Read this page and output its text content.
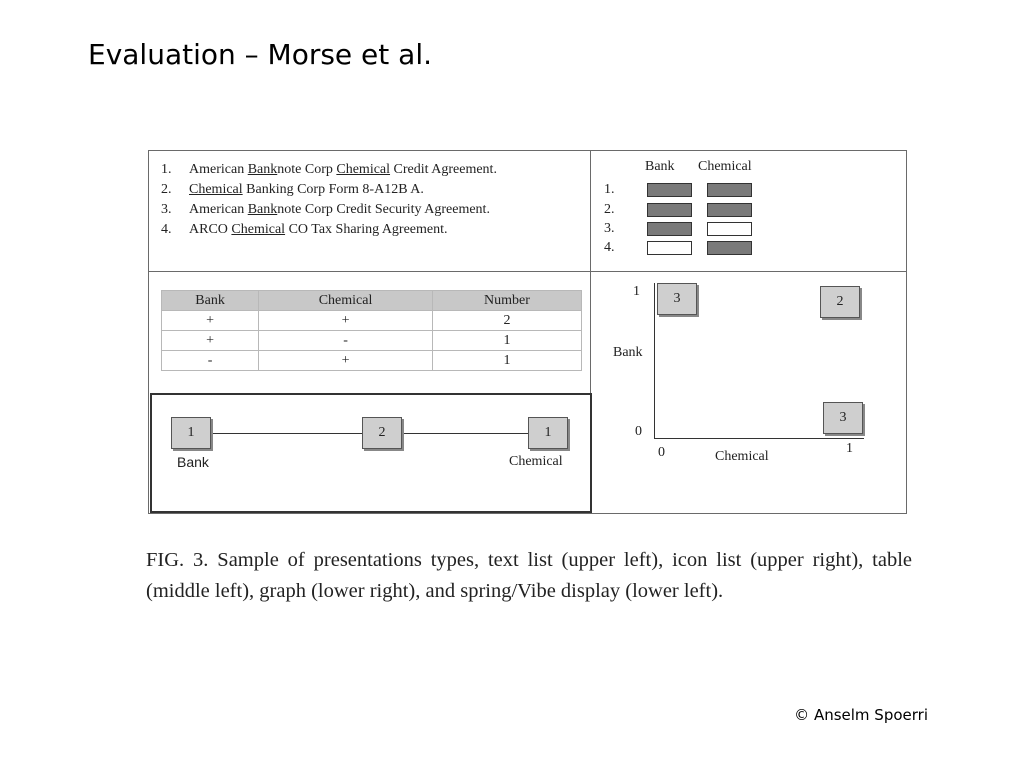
Evaluation – Morse et al.
1. American Banknote Corp Chemical Credit Agreement.
2. Chemical Banking Corp Form 8-A12B A.
3. American Banknote Corp Credit Security Agreement.
4. ARCO Chemical CO Tax Sharing Agreement.
Bank Chemical
1.
2.
3.
4.
Bank	Chemical	Number
+	+	2
+	-	1
-	+	1
1	2	1
Bank	Chemical
1
0
0	1
Bank
Chemical
3	2
3

FIG. 3. Sample of presentations types, text list (upper left), icon list (upper right), table (middle left), graph (lower right), and spring/Vibe display (lower left).

© Anselm Spoerri
